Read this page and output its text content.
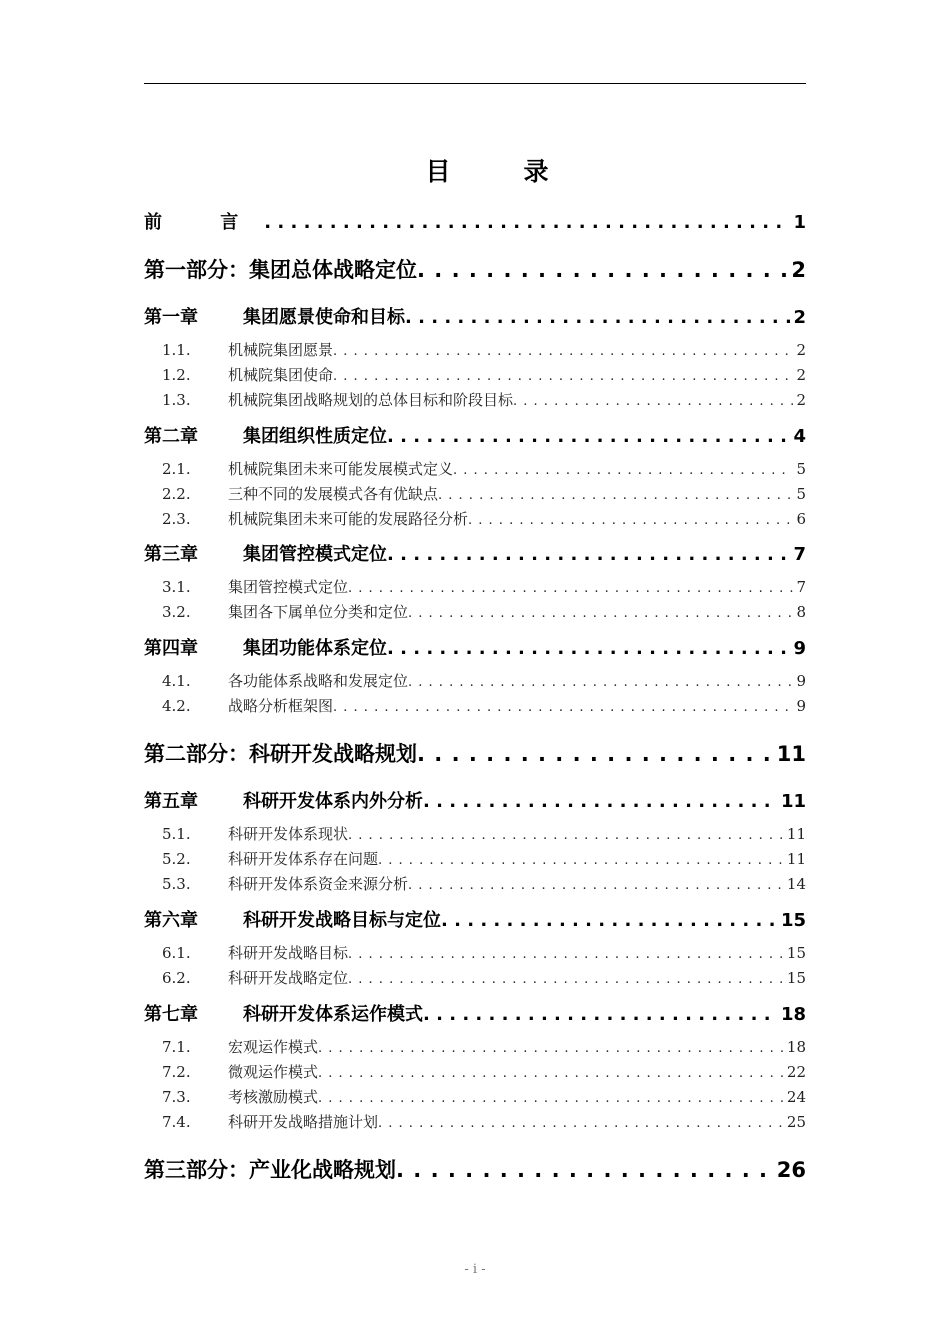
目　录
前 言 . . .	1
第一部分：集团总体战略定位 . . .	2
第一章	集团愿景使命和目标 . . .	2
1.1.	机械院集团愿景 . . .	2
1.2.	机械院集团使命 . . .	2
1.3.	机械院集团战略规划的总体目标和阶段目标 . . .	2
第二章	集团组织性质定位 . . .	4
2.1.	机械院集团未来可能发展模式定义 . . .	5
2.2.	三种不同的发展模式各有优缺点 . . .	5
2.3.	机械院集团未来可能的发展路径分析 . . .	6
第三章	集团管控模式定位 . . .	7
3.1.	集团管控模式定位 . . .	7
3.2.	集团各下属单位分类和定位 . . .	8
第四章	集团功能体系定位 . . .	9
4.1.	各功能体系战略和发展定位 . . .	9
4.2.	战略分析框架图 . . .	9
第二部分：科研开发战略规划 . . .	11
第五章	科研开发体系内外分析 . . .	11
5.1.	科研开发体系现状 . . .	11
5.2.	科研开发体系存在问题 . . .	11
5.3.	科研开发体系资金来源分析 . . .	14
第六章	科研开发战略目标与定位 . . .	15
6.1.	科研开发战略目标 . . .	15
6.2.	科研开发战略定位 . . .	15
第七章	科研开发体系运作模式 . . .	18
7.1.	宏观运作模式 . . .	18
7.2.	微观运作模式 . . .	22
7.3.	考核激励模式 . . .	24
7.4.	科研开发战略措施计划 . . .	25
第三部分：产业化战略规划 . . .	26
- i -
